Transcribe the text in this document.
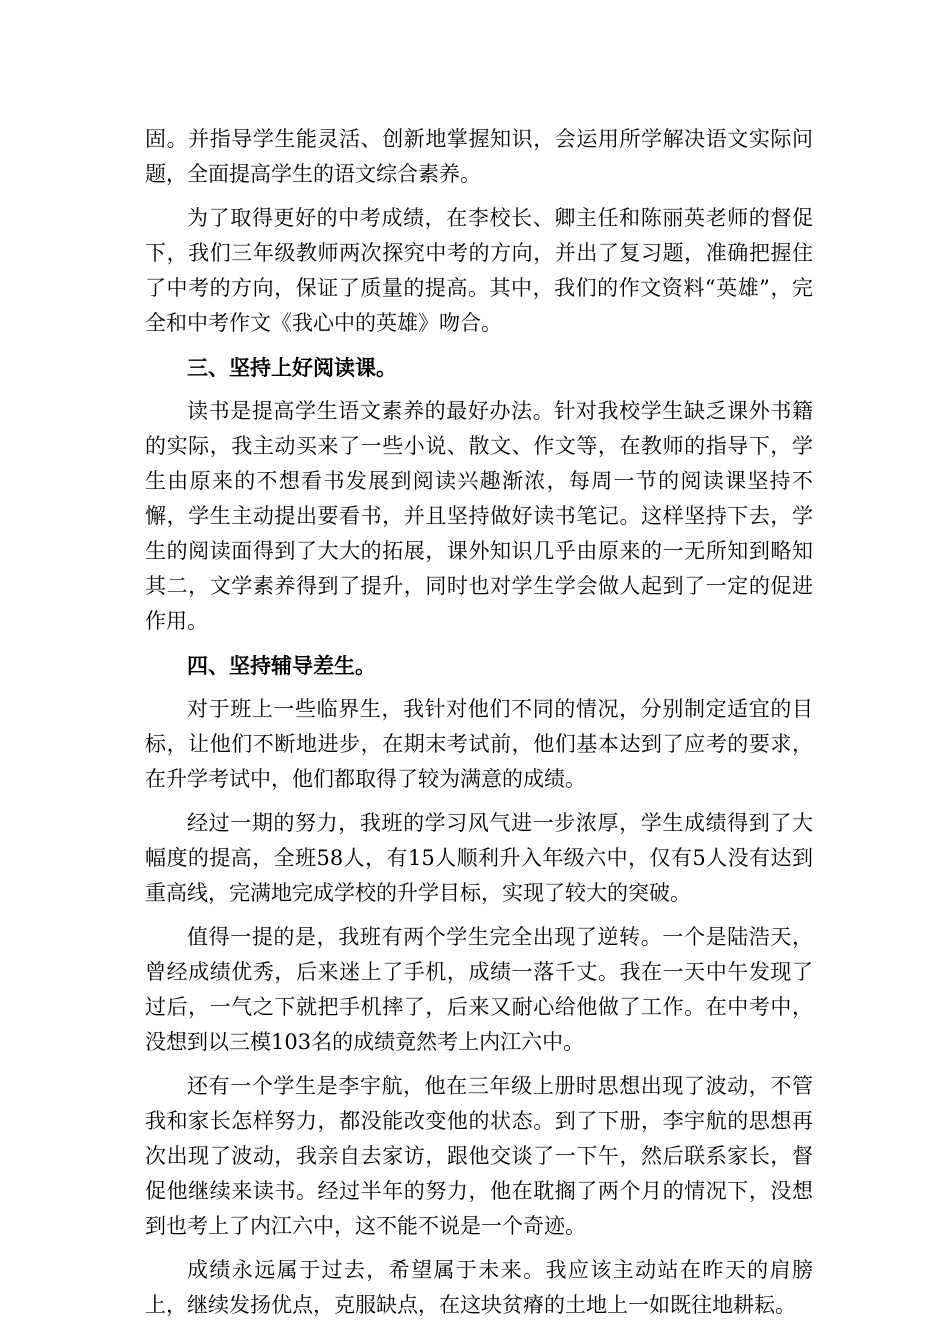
固。并指导学生能灵活、创新地掌握知识，会运用所学解决语文实际问题，全面提高学生的语文综合素养。

为了取得更好的中考成绩，在李校长、卿主任和陈丽英老师的督促下，我们三年级教师两次探究中考的方向，并出了复习题，准确把握住了中考的方向，保证了质量的提高。其中，我们的作文资料“英雄”，完全和中考作文《我心中的英雄》吻合。

三、坚持上好阅读课。

读书是提高学生语文素养的最好办法。针对我校学生缺乏课外书籍的实际，我主动买来了一些小说、散文、作文等，在教师的指导下，学生由原来的不想看书发展到阅读兴趣渐浓，每周一节的阅读课坚持不懈，学生主动提出要看书，并且坚持做好读书笔记。这样坚持下去，学生的阅读面得到了大大的拓展，课外知识几乎由原来的一无所知到略知其二，文学素养得到了提升，同时也对学生学会做人起到了一定的促进作用。

四、坚持辅导差生。

对于班上一些临界生，我针对他们不同的情况，分别制定适宜的目标，让他们不断地进步，在期末考试前，他们基本达到了应考的要求，在升学考试中，他们都取得了较为满意的成绩。

经过一期的努力，我班的学习风气进一步浓厚，学生成绩得到了大幅度的提高，全班58人，有15人顺利升入年级六中，仅有5人没有达到重高线，完满地完成学校的升学目标，实现了较大的突破。

值得一提的是，我班有两个学生完全出现了逆转。一个是陆浩天，曾经成绩优秀，后来迷上了手机，成绩一落千丈。我在一天中午发现了过后，一气之下就把手机摔了，后来又耐心给他做了工作。在中考中，没想到以三模103名的成绩竟然考上内江六中。

还有一个学生是李宇航，他在三年级上册时思想出现了波动，不管我和家长怎样努力，都没能改变他的状态。到了下册，李宇航的思想再次出现了波动，我亲自去家访，跟他交谈了一下午，然后联系家长，督促他继续来读书。经过半年的努力，他在耽搁了两个月的情况下，没想到也考上了内江六中，这不能不说是一个奇迹。

成绩永远属于过去，希望属于未来。我应该主动站在昨天的肩膀上，继续发扬优点，克服缺点，在这块贫瘠的土地上一如既往地耕耘。
